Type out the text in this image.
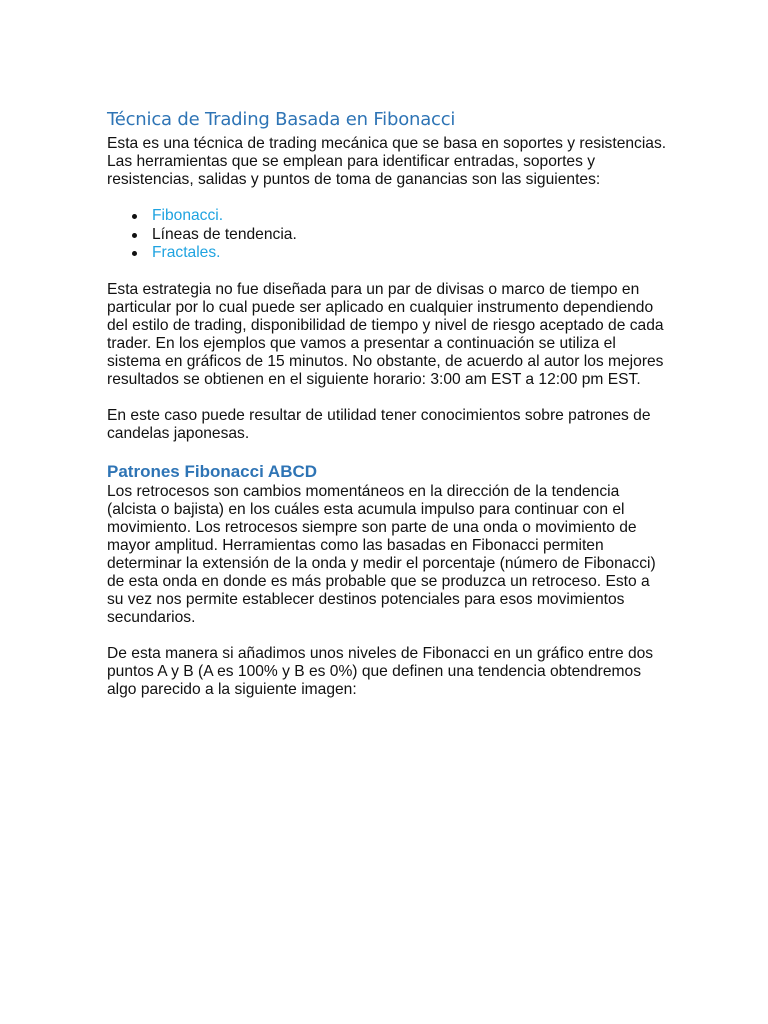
Técnica de Trading Basada en Fibonacci

Esta es una técnica de trading mecánica que se basa en soportes y resistencias. Las herramientas que se emplean para identificar entradas, soportes y resistencias, salidas y puntos de toma de ganancias son las siguientes:

Fibonacci.
Líneas de tendencia.
Fractales.

Esta estrategia no fue diseñada para un par de divisas o marco de tiempo en particular por lo cual puede ser aplicado en cualquier instrumento dependiendo del estilo de trading, disponibilidad de tiempo y nivel de riesgo aceptado de cada trader. En los ejemplos que vamos a presentar a continuación se utiliza el sistema en gráficos de 15 minutos. No obstante, de acuerdo al autor los mejores resultados se obtienen en el siguiente horario: 3:00 am EST a 12:00 pm EST.

En este caso puede resultar de utilidad tener conocimientos sobre patrones de candelas japonesas.

Patrones Fibonacci ABCD

Los retrocesos son cambios momentáneos en la dirección de la tendencia (alcista o bajista) en los cuáles esta acumula impulso para continuar con el movimiento. Los retrocesos siempre son parte de una onda o movimiento de mayor amplitud. Herramientas como las basadas en Fibonacci permiten determinar la extensión de la onda y medir el porcentaje (número de Fibonacci) de esta onda en donde es más probable que se produzca un retroceso. Esto a su vez nos permite establecer destinos potenciales para esos movimientos secundarios.

De esta manera si añadimos unos niveles de Fibonacci en un gráfico entre dos puntos A y B (A es 100% y B es 0%) que definen una tendencia obtendremos algo parecido a la siguiente imagen:
